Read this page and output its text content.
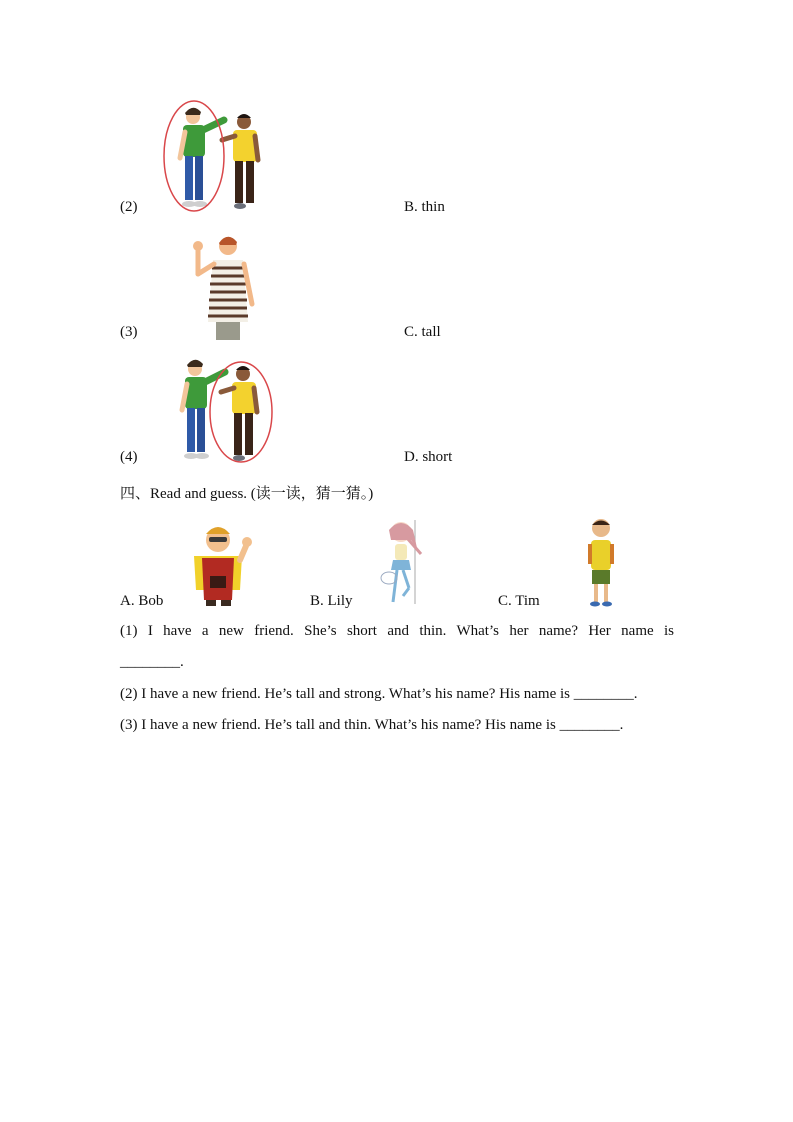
(2)	B. thin
(3)	C. tall
(4)	D. short
四、Read and guess. (读一读，猜一猜。)
A. Bob	B. Lily	C. Tim
(1) I have a new friend. She’s short and thin. What’s her name? Her name is
________.
(2) I have a new friend. He’s tall and strong. What’s his name? His name is ________.
(3) I have a new friend. He’s tall and thin. What’s his name? His name is ________.
